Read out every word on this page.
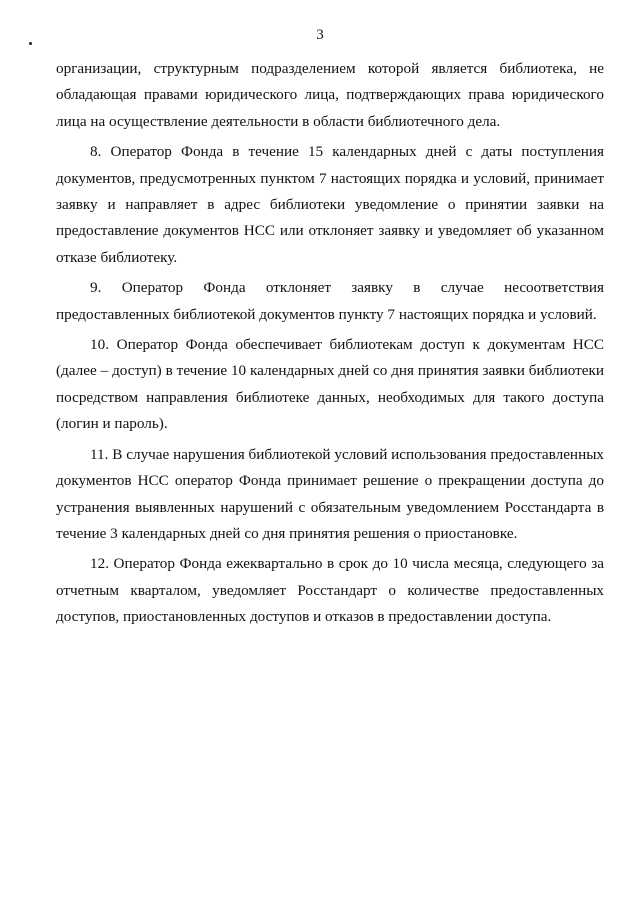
3

организации, структурным подразделением которой является библиотека, не обладающая правами юридического лица, подтверждающих права юридического лица на осуществление деятельности в области библиотечного дела.

8. Оператор Фонда в течение 15 календарных дней с даты поступления документов, предусмотренных пунктом 7 настоящих порядка и условий, принимает заявку и направляет в адрес библиотеки уведомление о принятии заявки на предоставление документов НСС или отклоняет заявку и уведомляет об указанном отказе библиотеку.

9. Оператор Фонда отклоняет заявку в случае несоответствия предоставленных библиотекой документов пункту 7 настоящих порядка и условий.

10. Оператор Фонда обеспечивает библиотекам доступ к документам НСС (далее – доступ) в течение 10 календарных дней со дня принятия заявки библиотеки посредством направления библиотеке данных, необходимых для такого доступа (логин и пароль).

11. В случае нарушения библиотекой условий использования предоставленных документов НСС оператор Фонда принимает решение о прекращении доступа до устранения выявленных нарушений с обязательным уведомлением Росстандарта в течение 3 календарных дней со дня принятия решения о приостановке.

12. Оператор Фонда ежеквартально в срок до 10 числа месяца, следующего за отчетным кварталом, уведомляет Росстандарт о количестве предоставленных доступов, приостановленных доступов и отказов в предоставлении доступа.
